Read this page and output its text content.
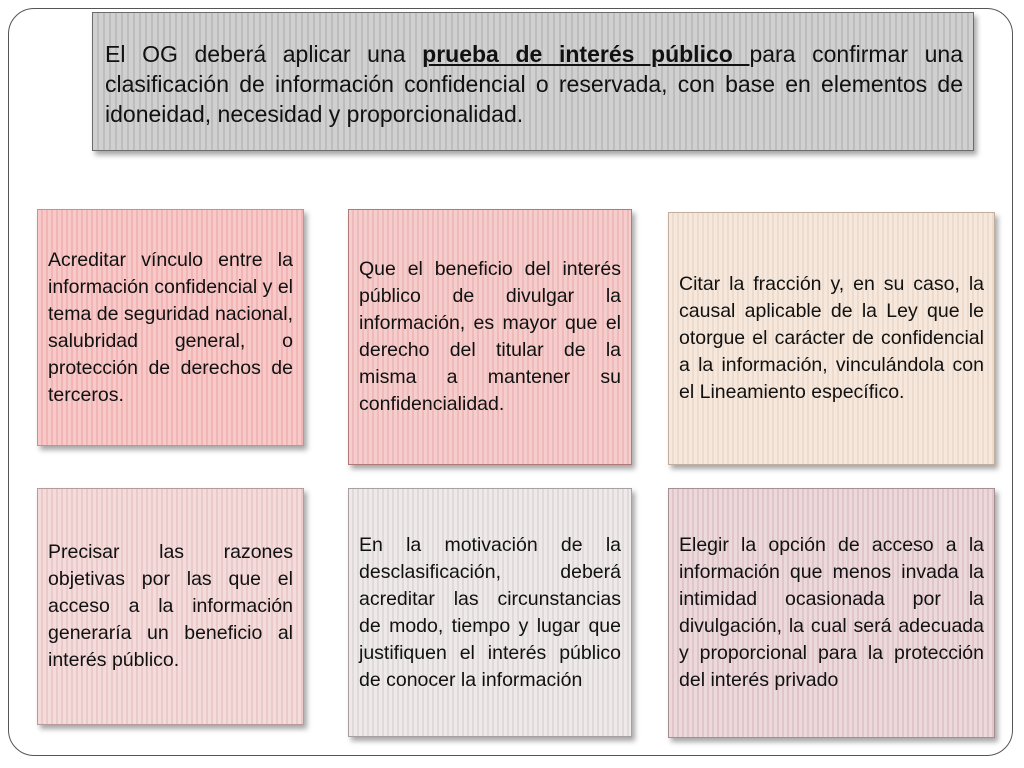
El OG deberá aplicar una prueba de interés público para confirmar una clasificación de información confidencial o reservada, con base en elementos de idoneidad, necesidad y proporcionalidad.

Acreditar vínculo entre la información confidencial y el tema de seguridad nacional, salubridad general, o protección de derechos de terceros.

Que el beneficio del interés público de divulgar la información, es mayor que el derecho del titular de la misma a mantener su confidencialidad.

Citar la fracción y, en su caso, la causal aplicable de la Ley que le otorgue el carácter de confidencial a la información, vinculándola con el Lineamiento específico.

Precisar las razones objetivas por las que el acceso a la información generaría un beneficio al interés público.

En la motivación de la desclasificación, deberá acreditar las circunstancias de modo, tiempo y lugar que justifiquen el interés público de conocer la información

Elegir la opción de acceso a la información que menos invada la intimidad ocasionada por la divulgación, la cual será adecuada y proporcional para la protección del interés privado
